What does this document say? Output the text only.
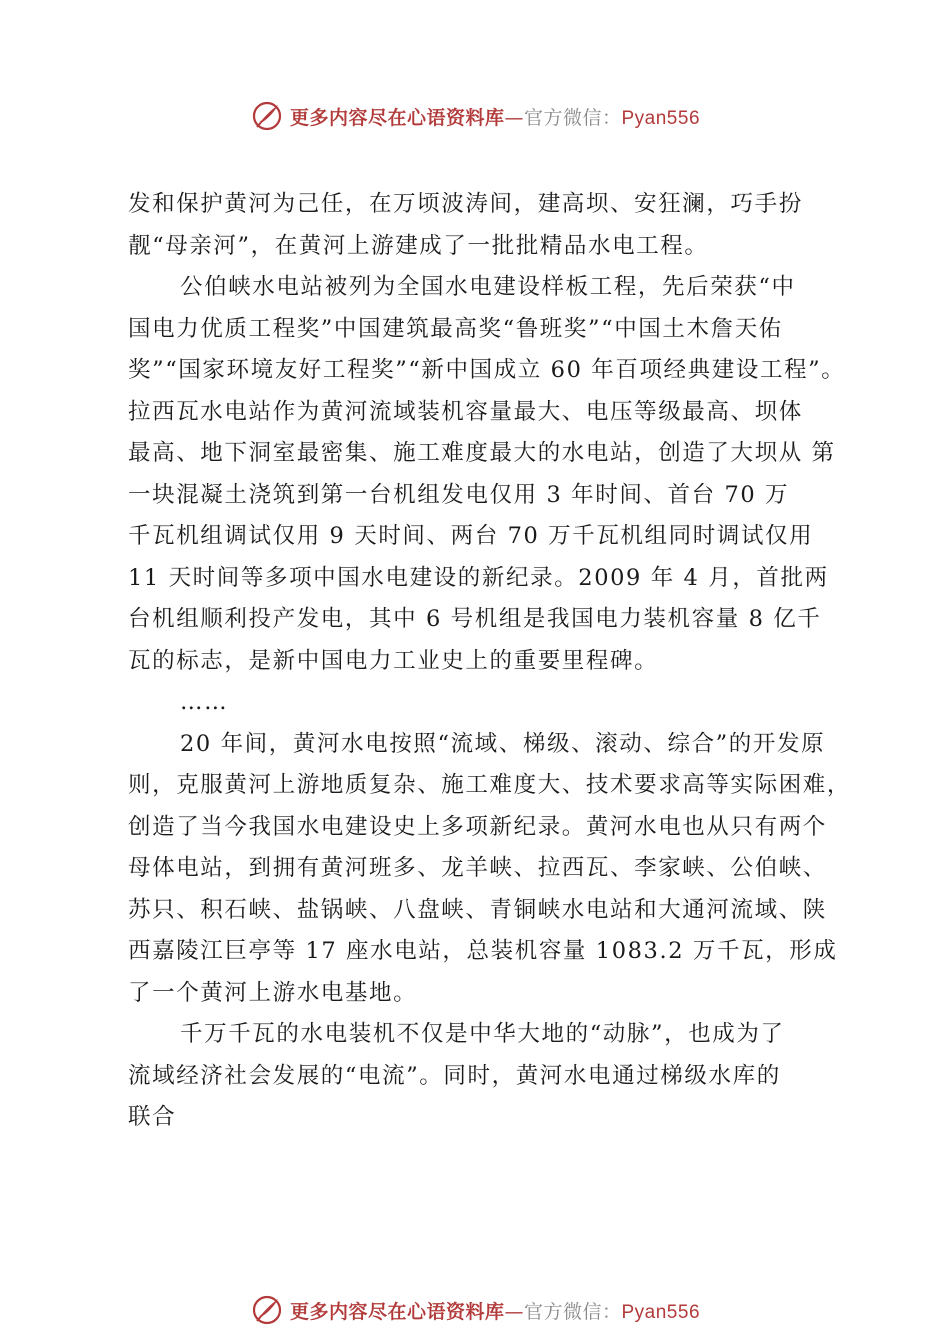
更多内容尽在心语资料库—官方微信：Pyan556
发和保护黄河为己任，在万顷波涛间，建高坝、安狂澜，巧手扮
靓“母亲河”，在黄河上游建成了一批批精品水电工程。
公伯峡水电站被列为全国水电建设样板工程，先后荣获“中
国电力优质工程奖”中国建筑最高奖“鲁班奖”“中国土木詹天佑
奖”“国家环境友好工程奖”“新中国成立 60 年百项经典建设工程”。
拉西瓦水电站作为黄河流域装机容量最大、电压等级最高、坝体
最高、地下洞室最密集、施工难度最大的水电站，创造了大坝从 第
一块混凝土浇筑到第一台机组发电仅用 3 年时间、首台 70 万
千瓦机组调试仅用 9 天时间、两台 70 万千瓦机组同时调试仅用
11 天时间等多项中国水电建设的新纪录。2009 年 4 月，首批两
台机组顺利投产发电，其中 6 号机组是我国电力装机容量 8 亿千
瓦的标志，是新中国电力工业史上的重要里程碑。
……
20 年间，黄河水电按照“流域、梯级、滚动、综合”的开发原
则，克服黄河上游地质复杂、施工难度大、技术要求高等实际困难，
创造了当今我国水电建设史上多项新纪录。黄河水电也从只有两个
母体电站，到拥有黄河班多、龙羊峡、拉西瓦、李家峡、公伯峡、
苏只、积石峡、盐锅峡、八盘峡、青铜峡水电站和大通河流域、陕
西嘉陵江巨亭等 17 座水电站，总装机容量 1083.2 万千瓦，形成
了一个黄河上游水电基地。
千万千瓦的水电装机不仅是中华大地的“动脉”，也成为了
流域经济社会发展的“电流”。同时，黄河水电通过梯级水库的
联合
更多内容尽在心语资料库—官方微信：Pyan556
